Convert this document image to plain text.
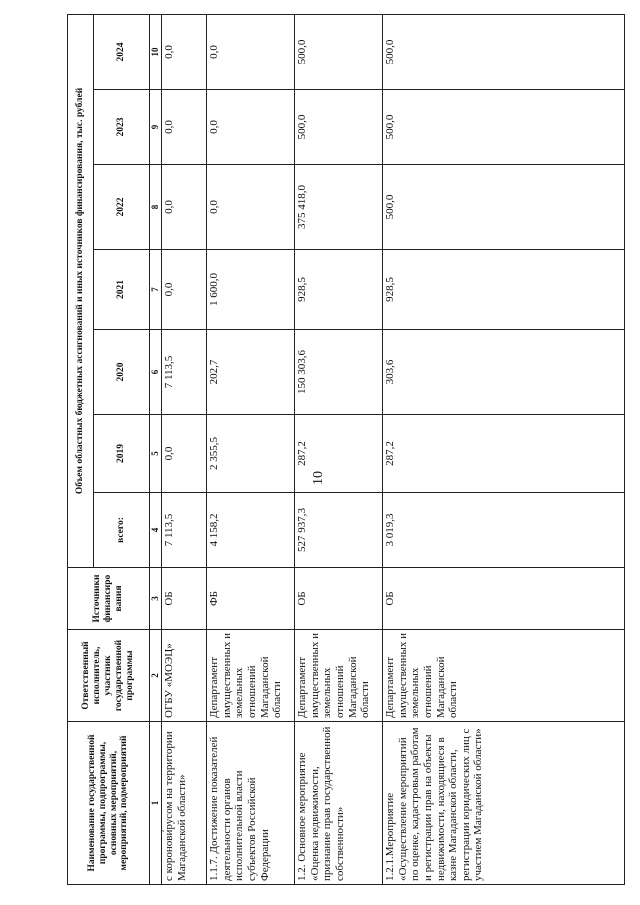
10
Наименование государственной программы, подпрограммы, основных мероприятий, мероприятий, подмероприятий	Ответственный исполнитель, участник государственной программы	Источники финансиро вания	Объем областных бюджетных ассигнований и иных источников финансирования, тыс. рублей						
			всего:	2019	2020	2021	2022	2023	2024
1	2	3	4	5	6	7	8	9	10
с коронови́русом на территории Магаданской области»	ОГБУ «МОЭЦ»	ОБ	7 113,5	0,0	7 113,5	0,0	0,0	0,0	0,0
1.1.7. Достижение показателей деятельности органов исполнительной власти субъектов Российской Федерации	Департамент имущественных и земельных отношений Магаданской области	ФБ	4 158,2	2 355,5	202,7	1 600,0	0,0	0,0	0,0
1.2. Основное мероприятие «Оценка недвижимости, признание прав государственной собственности»	Департамент имущественных и земельных отношений Магаданской области	ОБ	527 937,3	287,2	150 303,6	928,5	375 418,0	500,0	500,0
1.2.1.Мероприятие «Осуществление мероприятий по оценке, кадастровым работам и регистрации прав на объекты недвижимости, находящиеся в казне Магаданской области, регистрации юридических лиц с участием Магаданской области»	Департамент имущественных и земельных отношений Магаданской области	ОБ	3 019,3	287,2	303,6	928,5	500,0	500,0	500,0
